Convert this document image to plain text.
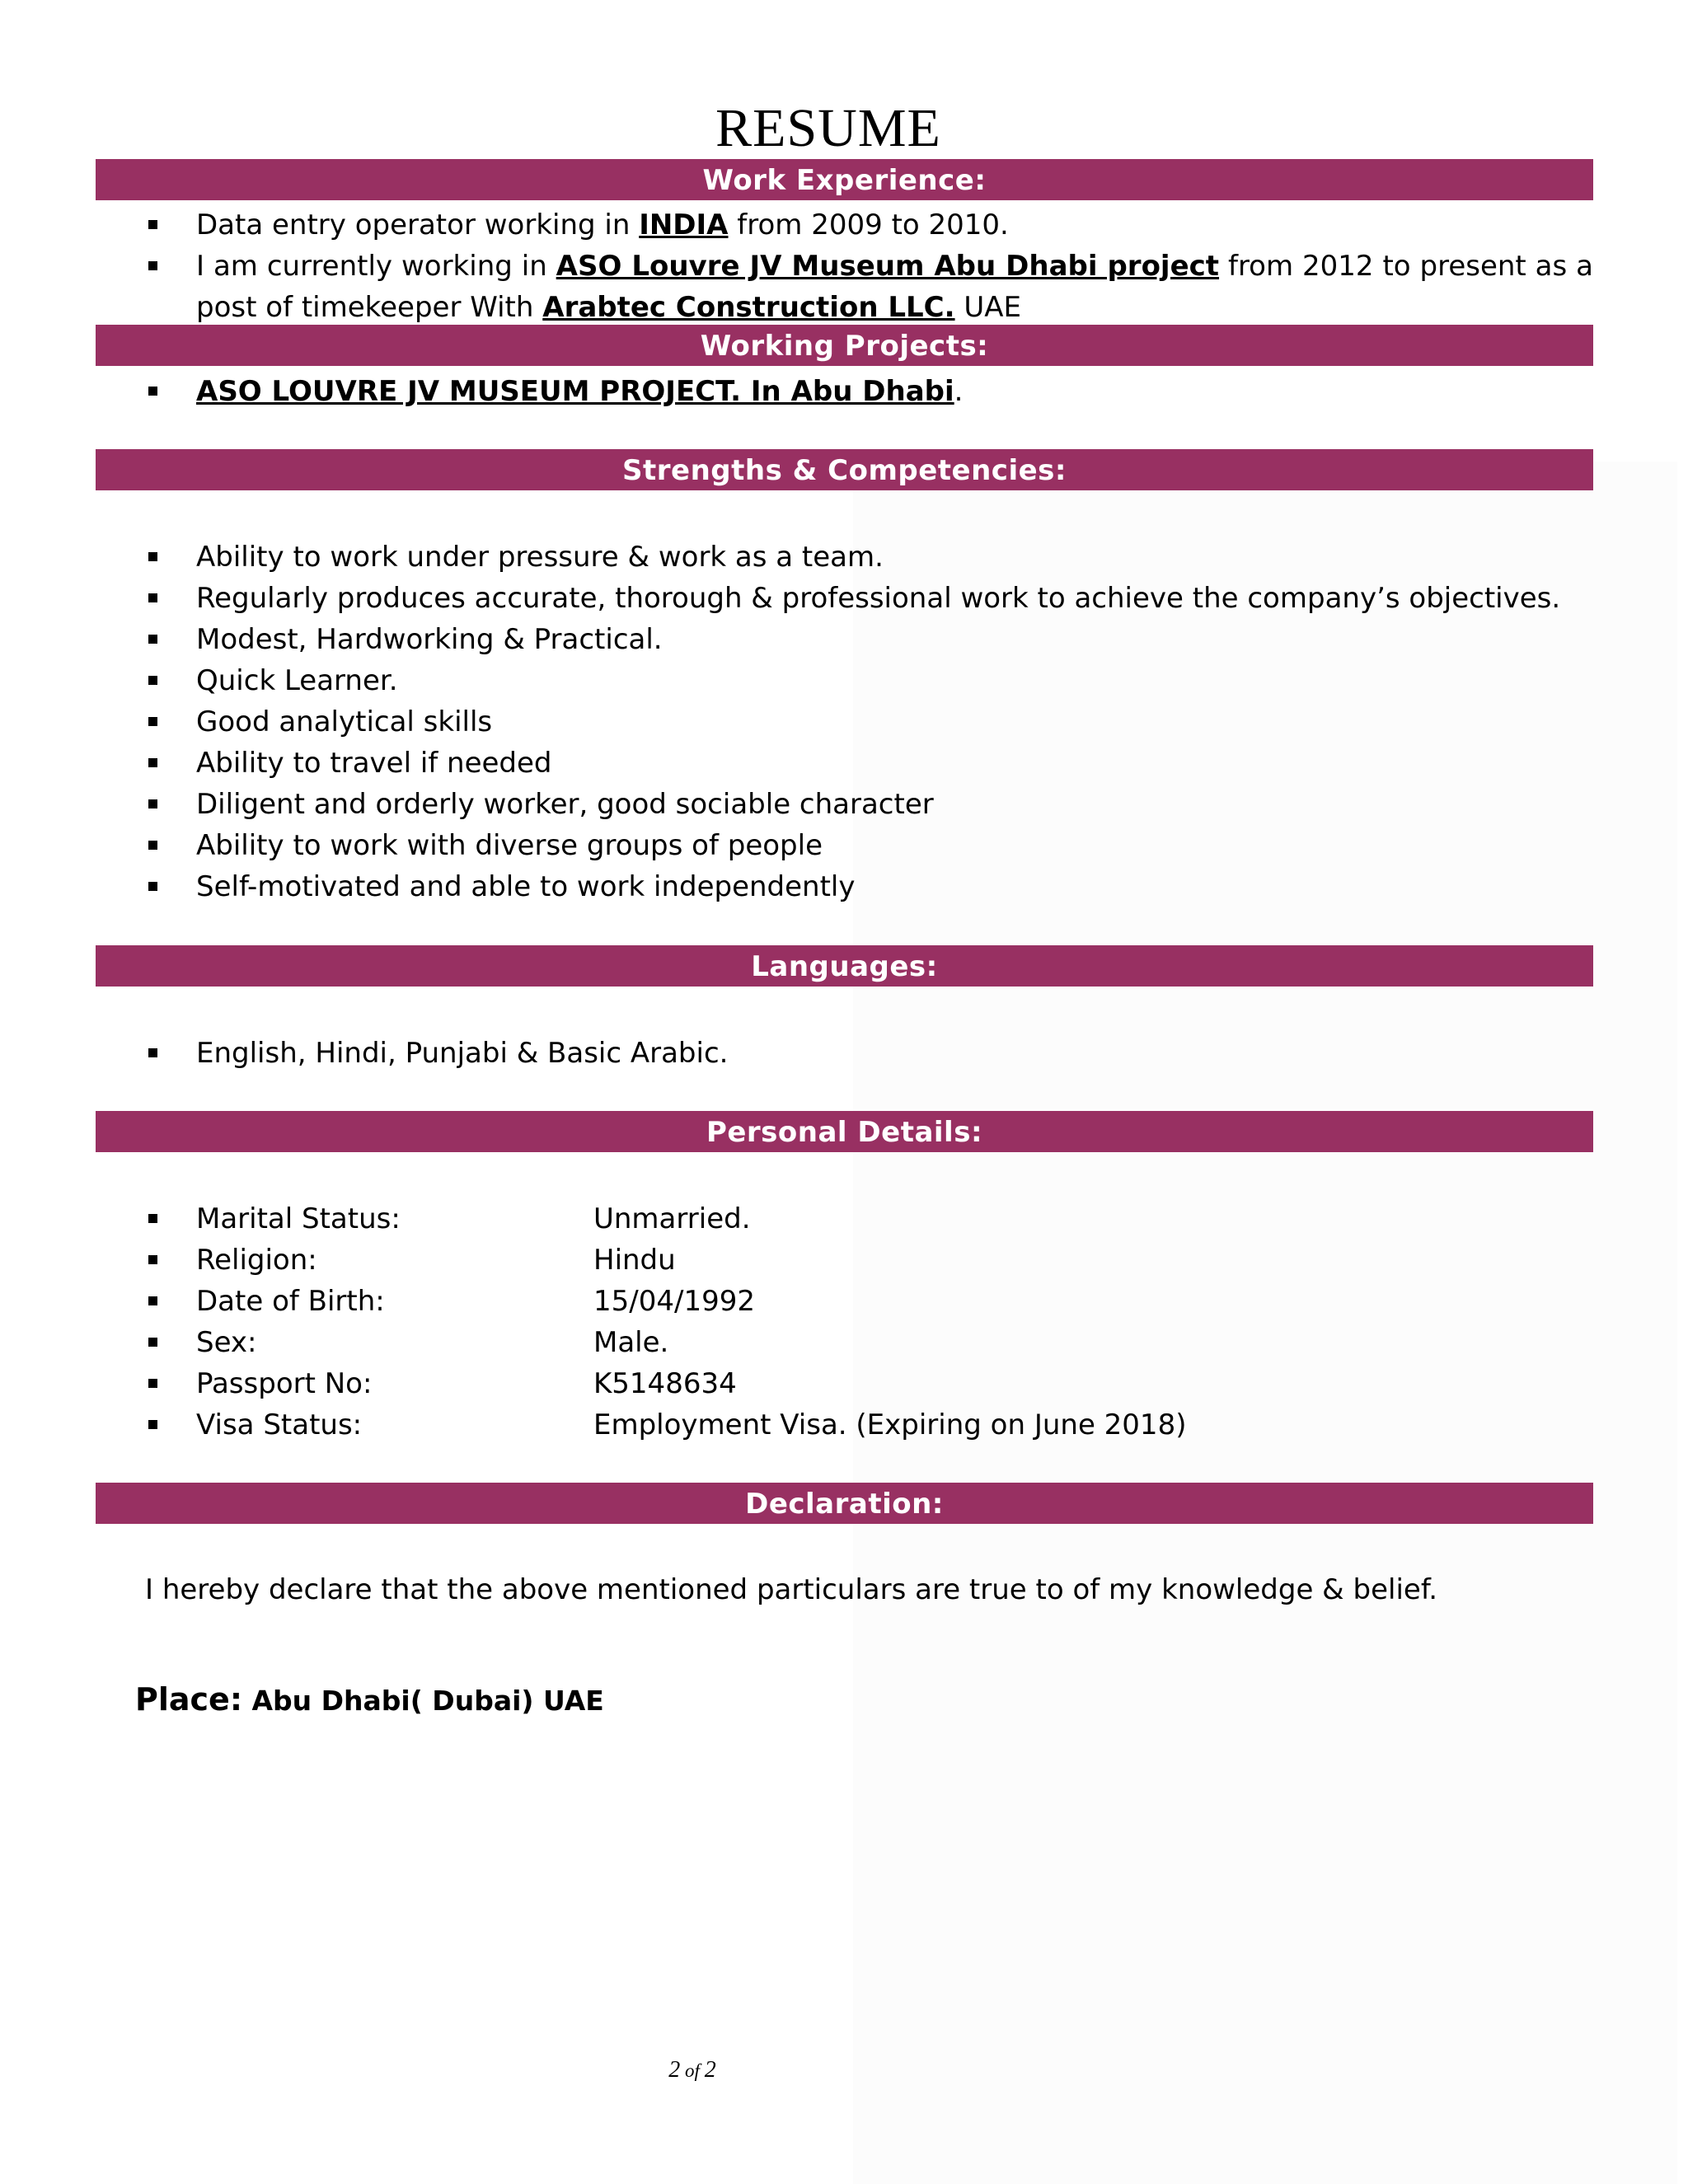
RESUME
Work Experience:
Data entry operator working in INDIA from 2009 to 2010.
I am currently working in ASO Louvre JV Museum Abu Dhabi project from 2012 to present as a post of timekeeper With Arabtec Construction LLC. UAE
Working Projects:
ASO LOUVRE JV MUSEUM PROJECT. In Abu Dhabi.
Strengths & Competencies:
Ability to work under pressure & work as a team.
Regularly produces accurate, thorough & professional work to achieve the company’s objectives.
Modest, Hardworking & Practical.
Quick Learner.
Good analytical skills
Ability to travel if needed
Diligent and orderly worker, good sociable character
Ability to work with diverse groups of people
Self-motivated and able to work independently
Languages:
English, Hindi, Punjabi & Basic Arabic.
Personal Details:
Marital Status:	Unmarried.
Religion:	Hindu
Date of Birth:	15/04/1992
Sex:	Male.
Passport No:	K5148634
Visa Status:	Employment Visa. (Expiring on June 2018)
Declaration:
I hereby declare that the above mentioned particulars are true to of my knowledge & belief.
Place: Abu Dhabi( Dubai) UAE
2 of 2
